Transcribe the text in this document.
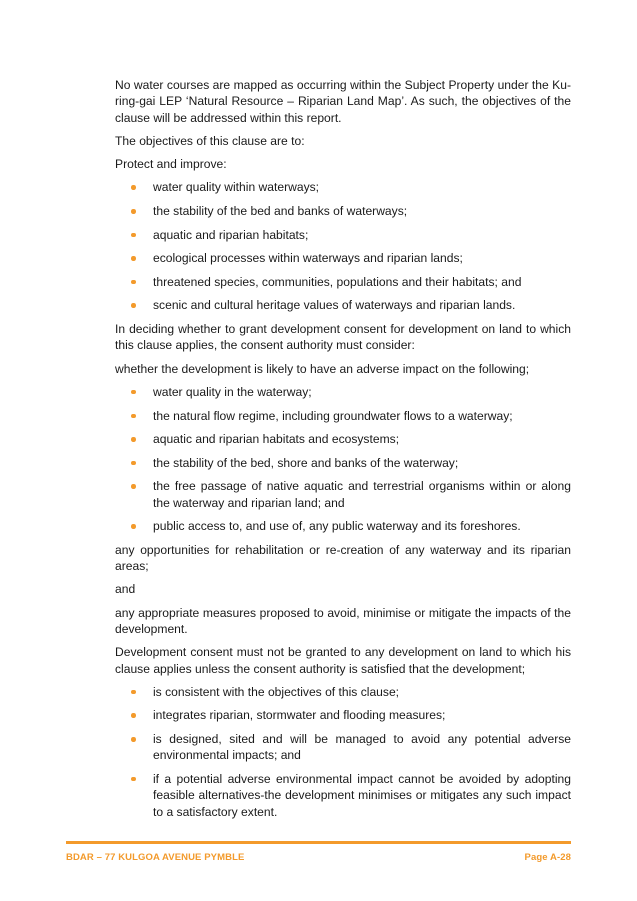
No water courses are mapped as occurring within the Subject Property under the Ku-ring-gai LEP ‘Natural Resource – Riparian Land Map’. As such, the objectives of the clause will be addressed within this report.

The objectives of this clause are to:

Protect and improve:

water quality within waterways;
the stability of the bed and banks of waterways;
aquatic and riparian habitats;
ecological processes within waterways and riparian lands;
threatened species, communities, populations and their habitats; and
scenic and cultural heritage values of waterways and riparian lands.

In deciding whether to grant development consent for development on land to which this clause applies, the consent authority must consider:

whether the development is likely to have an adverse impact on the following;

water quality in the waterway;
the natural flow regime, including groundwater flows to a waterway;
aquatic and riparian habitats and ecosystems;
the stability of the bed, shore and banks of the waterway;
the free passage of native aquatic and terrestrial organisms within or along the waterway and riparian land; and
public access to, and use of, any public waterway and its foreshores.

any opportunities for rehabilitation or re-creation of any waterway and its riparian areas;

and

any appropriate measures proposed to avoid, minimise or mitigate the impacts of the development.

Development consent must not be granted to any development on land to which his clause applies unless the consent authority is satisfied that the development;

is consistent with the objectives of this clause;
integrates riparian, stormwater and flooding measures;
is designed, sited and will be managed to avoid any potential adverse environmental impacts; and
if a potential adverse environmental impact cannot be avoided by adopting feasible alternatives-the development minimises or mitigates any such impact to a satisfactory extent.
BDAR – 77 KULGOA AVENUE PYMBLE	Page A-28
